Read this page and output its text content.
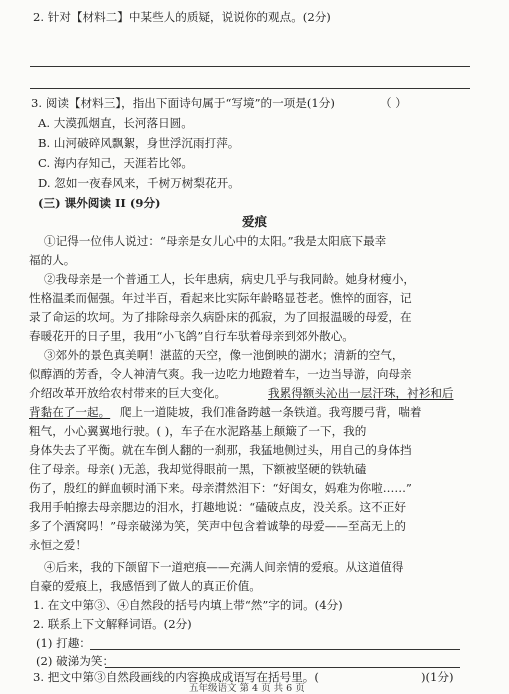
2. 针对【材料二】中某些人的质疑，说说你的观点。(2分)
3. 阅读【材料三】，指出下面诗句属于“写境”的一项是(1分)	（ ）
A. 大漠孤烟直，长河落日圆。
B. 山河破碎风飘絮，身世浮沉雨打萍。
C. 海内存知己，天涯若比邻。
D. 忽如一夜春风来，千树万树梨花开。
(三) 课外阅读 II (9分)
爱痕
①记得一位伟人说过：“母亲是女儿心中的太阳。”我是太阳底下最幸
福的人。
②我母亲是一个普通工人，长年患病，病史几乎与我同龄。她身材瘦小，
性格温柔而倔强。年过半百，看起来比实际年龄略显苍老。憔悴的面容，记
录了命运的坎坷。为了排除母亲久病卧床的孤寂，为了回报温暖的母爱，在
春暖花开的日子里，我用“小飞鸽”自行车驮着母亲到郊外散心。
③郊外的景色真美啊！湛蓝的天空，像一池倒映的湖水；清新的空气，
似醇酒的芳香，令人神清气爽。我一边吃力地蹬着车，一边当导游，向母亲
介绍改革开放给农村带来的巨大变化。	我累得额头沁出一层汗珠，衬衫和后
背黏在了一起。 爬上一道陡坡，我们准备跨越一条铁道。我弯腰弓背，喘着
粗气，小心翼翼地行驶。( )，车子在水泥路基上颠簸了一下，我的
身体失去了平衡。就在车倒人翻的一刹那，我猛地侧过头，用自己的身体挡
住了母亲。母亲( )无恙，我却觉得眼前一黑，下额被坚硬的铁轨磕
伤了，殷红的鲜血顿时涌下来。母亲潸然泪下：“好闺女，妈难为你啦……”
我用手帕擦去母亲腮边的泪水，打趣地说：“磕破点皮，没关系。这不正好
多了个酒窝吗！”母亲破涕为笑，笑声中包含着诚挚的母爱——至高无上的
永恒之爱！
④后来，我的下颌留下一道疤痕——充满人间亲情的爱痕。从这道值得
自豪的爱痕上，我感悟到了做人的真正价值。
1. 在文中第③、④自然段的括号内填上带“然”字的词。(4分)
2. 联系上下文解释词语。(2分)
(1) 打趣：
(2) 破涕为笑：
3. 把文中第③自然段画线的内容换成成语写在括号里。(	)(1分)
五年级语文 第 4 页 共 6 页
